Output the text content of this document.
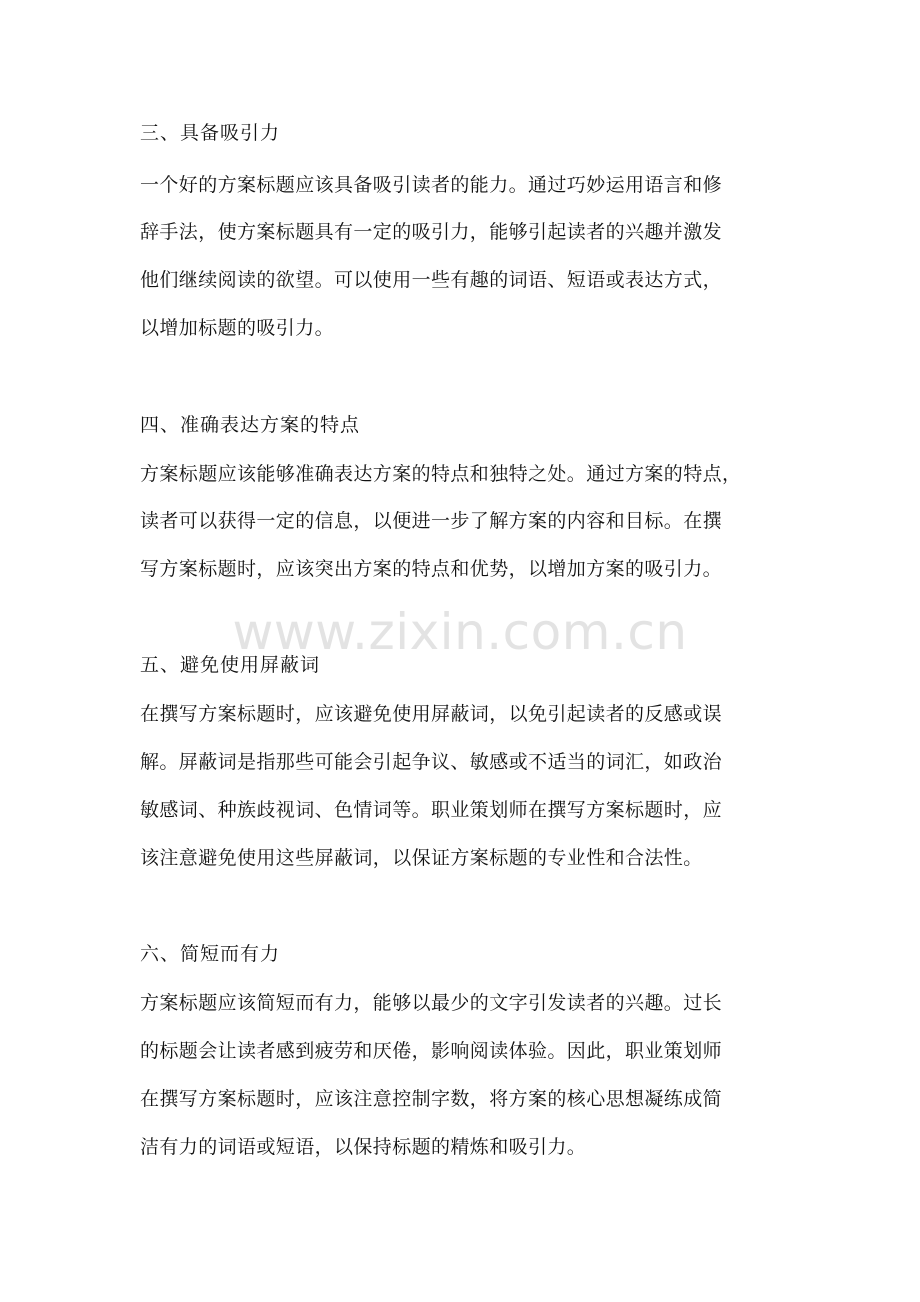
www.zixin.com.cn
三、具备吸引力
一个好的方案标题应该具备吸引读者的能力。通过巧妙运用语言和修
辞手法，使方案标题具有一定的吸引力，能够引起读者的兴趣并激发
他们继续阅读的欲望。可以使用一些有趣的词语、短语或表达方式，
以增加标题的吸引力。
四、准确表达方案的特点
方案标题应该能够准确表达方案的特点和独特之处。通过方案的特点，
读者可以获得一定的信息，以便进一步了解方案的内容和目标。在撰
写方案标题时，应该突出方案的特点和优势，以增加方案的吸引力。
五、避免使用屏蔽词
在撰写方案标题时，应该避免使用屏蔽词，以免引起读者的反感或误
解。屏蔽词是指那些可能会引起争议、敏感或不适当的词汇，如政治
敏感词、种族歧视词、色情词等。职业策划师在撰写方案标题时，应
该注意避免使用这些屏蔽词，以保证方案标题的专业性和合法性。
六、简短而有力
方案标题应该简短而有力，能够以最少的文字引发读者的兴趣。过长
的标题会让读者感到疲劳和厌倦，影响阅读体验。因此，职业策划师
在撰写方案标题时，应该注意控制字数，将方案的核心思想凝练成简
洁有力的词语或短语，以保持标题的精炼和吸引力。
